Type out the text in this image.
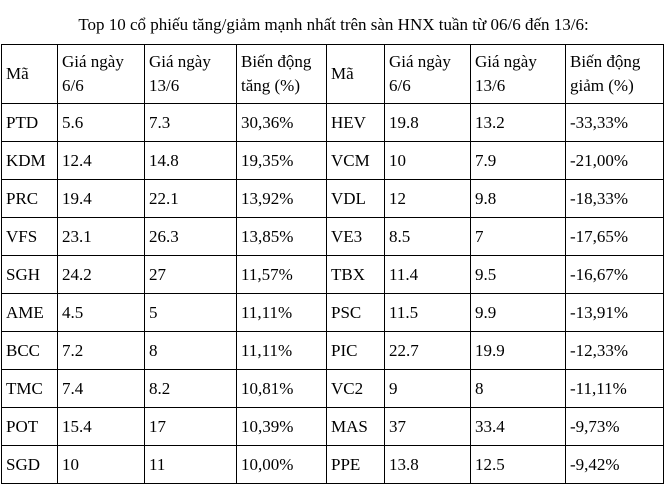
Top 10 cổ phiếu tăng/giảm mạnh nhất trên sàn HNX tuần từ 06/6 đến 13/6:
Mã	Giá ngày 6/6	Giá ngày 13/6	Biến động tăng (%)	Mã	Giá ngày 6/6	Giá ngày 13/6	Biến động giảm (%)
PTD	5.6	7.3	30,36%	HEV	19.8	13.2	-33,33%
KDM	12.4	14.8	19,35%	VCM	10	7.9	-21,00%
PRC	19.4	22.1	13,92%	VDL	12	9.8	-18,33%
VFS	23.1	26.3	13,85%	VE3	8.5	7	-17,65%
SGH	24.2	27	11,57%	TBX	11.4	9.5	-16,67%
AME	4.5	5	11,11%	PSC	11.5	9.9	-13,91%
BCC	7.2	8	11,11%	PIC	22.7	19.9	-12,33%
TMC	7.4	8.2	10,81%	VC2	9	8	-11,11%
POT	15.4	17	10,39%	MAS	37	33.4	-9,73%
SGD	10	11	10,00%	PPE	13.8	12.5	-9,42%
